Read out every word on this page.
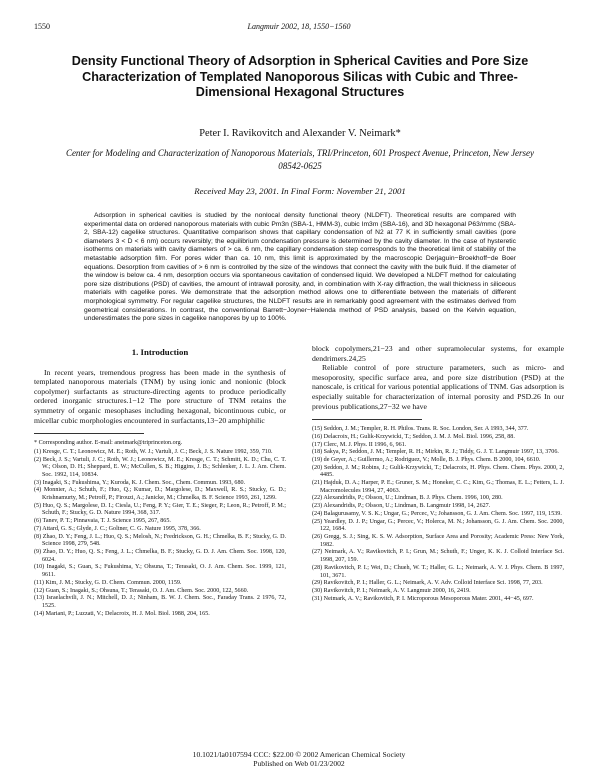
1550	Langmuir 2002, 18, 1550−1560
Density Functional Theory of Adsorption in Spherical Cavities and Pore Size Characterization of Templated Nanoporous Silicas with Cubic and Three-Dimensional Hexagonal Structures
Peter I. Ravikovitch and Alexander V. Neimark*
Center for Modeling and Characterization of Nanoporous Materials, TRI/Princeton, 601 Prospect Avenue, Princeton, New Jersey 08542-0625
Received May 23, 2001. In Final Form: November 21, 2001
Adsorption in spherical cavities is studied by the nonlocal density functional theory (NLDFT). Theoretical results are compared with experimental data on ordered nanoporous materials with cubic Pm3n (SBA-1, HMM-3), cubic Im3m (SBA-16), and 3D hexagonal P63/mmc (SBA-2, SBA-12) cagelike structures. Quantitative comparison shows that capillary condensation of N2 at 77 K in sufficiently small cavities (pore diameters 3 < D < 6 nm) occurs reversibly; the equilibrium condensation pressure is determined by the cavity diameter. In the case of hysteretic isotherms on materials with cavity diameters of > ca. 6 nm, the capillary condensation step corresponds to the theoretical limit of stability of the metastable adsorption film. For pores wider than ca. 10 nm, this limit is approximated by the macroscopic Derjaguin−Broekhoff−de Boer equations. Desorption from cavities of > 6 nm is controlled by the size of the windows that connect the cavity with the bulk fluid. If the diameter of the window is below ca. 4 nm, desorption occurs via spontaneous cavitation of condensed liquid. We developed a NLDFT method for calculating pore size distributions (PSD) of cavities, the amount of intrawall porosity, and, in combination with X-ray diffraction, the wall thickness in siliceous materials with cagelike pores. We demonstrate that the adsorption method allows one to differentiate between the materials of different morphological symmetry. For regular cagelike structures, the NLDFT results are in remarkably good agreement with the estimates derived from geometrical considerations. In contrast, the conventional Barrett−Joyner−Halenda method of PSD analysis, based on the Kelvin equation, underestimates the pore sizes in cagelike nanopores by up to 100%.
1. Introduction

In recent years, tremendous progress has been made in the synthesis of templated nanoporous materials (TNM) by using ionic and nonionic (block copolymer) surfactants as structure-directing agents to produce periodically ordered inorganic structures.1−12 The pore structure of TNM retains the symmetry of organic mesophases including hexagonal, bicontinuous cubic, or micellar cubic morphologies encountered in surfactants,13−20 amphiphilic

* Corresponding author. E-mail: aneimark@triprinceton.org.

(1) Kresge, C. T.; Leonowicz, M. E.; Roth, W. J.; Vartuli, J. C.; Beck, J. S. Nature 1992, 359, 710.

(2) Beck, J. S.; Vartuli, J. C.; Roth, W. J.; Leonowicz, M. E.; Kresge, C. T.; Schmitt, K. D.; Chu, C. T. W.; Olson, D. H.; Sheppard, E. W.; McCullen, S. B.; Higgins, J. B.; Schlenker, J. L. J. Am. Chem. Soc. 1992, 114, 10834.

(3) Inagaki, S.; Fukushima, Y.; Kuroda, K. J. Chem. Soc., Chem. Commun. 1993, 680.

(4) Monnier, A.; Schuth, F.; Huo, Q.; Kumar, D.; Margolese, D.; Maxwell, R. S.; Stucky, G. D.; Krishnamurty, M.; Petroff, P.; Firouzi, A.; Janicke, M.; Chmelka, B. F. Science 1993, 261, 1299.

(5) Huo, Q. S.; Margolese, D. I.; Ciesla, U.; Feng, P. Y.; Gier, T. E.; Sieger, P.; Leon, R.; Petroff, P. M.; Schuth, F.; Stucky, G. D. Nature 1994, 368, 317.

(6) Tanev, P. T.; Pinnavaia, T. J. Science 1995, 267, 865.

(7) Attard, G. S.; Glyde, J. C.; Goltner, C. G. Nature 1995, 378, 366.

(8) Zhao, D. Y.; Feng, J. L.; Huo, Q. S.; Melosh, N.; Fredrickson, G. H.; Chmelka, B. F.; Stucky, G. D. Science 1998, 279, 548.

(9) Zhao, D. Y.; Huo, Q. S.; Feng, J. L.; Chmelka, B. F.; Stucky, G. D. J. Am. Chem. Soc. 1998, 120, 6024.

(10) Inagaki, S.; Guan, S.; Fukushima, Y.; Ohsuna, T.; Terasaki, O. J. Am. Chem. Soc. 1999, 121, 9611.

(11) Kim, J. M.; Stucky, G. D. Chem. Commun. 2000, 1159.

(12) Guan, S.; Inagaki, S.; Ohsuna, T.; Terasaki, O. J. Am. Chem. Soc. 2000, 122, 5660.

(13) Israelachvili, J. N.; Mitchell, D. J.; Ninham, B. W. J. Chem. Soc., Faraday Trans. 2 1976, 72, 1525.

(14) Mariani, P.; Luzzati, V.; Delacroix, H. J. Mol. Biol. 1988, 204, 165.

block copolymers,21−23 and other supramolecular systems, for example dendrimers.24,25

Reliable control of pore structure parameters, such as micro- and mesoporosity, specific surface area, and pore size distribution (PSD) at the nanoscale, is critical for various potential applications of TNM. Gas adsorption is especially suitable for characterization of internal porosity and PSD.26 In our previous publications,27−32 we have

(15) Seddon, J. M.; Templer, R. H. Philos. Trans. R. Soc. London, Ser. A 1993, 344, 377.

(16) Delacroix, H.; Gulik-Krzywicki, T.; Seddon, J. M. J. Mol. Biol. 1996, 258, 88.

(17) Clerc, M. J. Phys. II 1996, 6, 961.

(18) Sakya, P.; Seddon, J. M.; Templer, R. H.; Mirkin, R. J.; Tiddy, G. J. T. Langmuir 1997, 13, 3706.

(19) de Geyer, A.; Guillermo, A.; Rodriguez, V.; Molle, B. J. Phys. Chem. B 2000, 104, 6610.

(20) Seddon, J. M.; Robins, J.; Gulik-Krzywicki, T.; Delacroix, H. Phys. Chem. Chem. Phys. 2000, 2, 4485.

(21) Hajduk, D. A.; Harper, P. E.; Gruner, S. M.; Honeker, C. C.; Kim, G.; Thomas, E. L.; Fetters, L. J. Macromolecules 1994, 27, 4063.

(22) Alexandridis, P.; Olsson, U.; Lindman, B. J. Phys. Chem. 1996, 100, 280.

(23) Alexandridis, P.; Olsson, U.; Lindman, B. Langmuir 1998, 14, 2627.

(24) Balagurusamy, V. S. K.; Ungar, G.; Percec, V.; Johansson, G. J. Am. Chem. Soc. 1997, 119, 1539.

(25) Yeardley, D. J. P.; Ungar, G.; Percec, V.; Holerca, M. N.; Johansson, G. J. Am. Chem. Soc. 2000, 122, 1684.

(26) Gregg, S. J.; Sing, K. S. W. Adsorption, Surface Area and Porosity; Academic Press: New York, 1982.

(27) Neimark, A. V.; Ravikovitch, P. I.; Grun, M.; Schuth, F.; Unger, K. K. J. Colloid Interface Sci. 1998, 207, 159.

(28) Ravikovitch, P. I.; Wei, D.; Chueh, W. T.; Haller, G. L.; Neimark, A. V. J. Phys. Chem. B 1997, 101, 3671.

(29) Ravikovitch, P. I.; Haller, G. L.; Neimark, A. V. Adv. Colloid Interface Sci. 1998, 77, 203.

(30) Ravikovitch, P. I.; Neimark, A. V. Langmuir 2000, 16, 2419.

(31) Neimark, A. V.; Ravikovitch, P. I. Microporous Mesoporous Mater. 2001, 44−45, 697.

10.1021/la0107594 CCC: $22.00 © 2002 American Chemical Society
Published on Web 01/23/2002
